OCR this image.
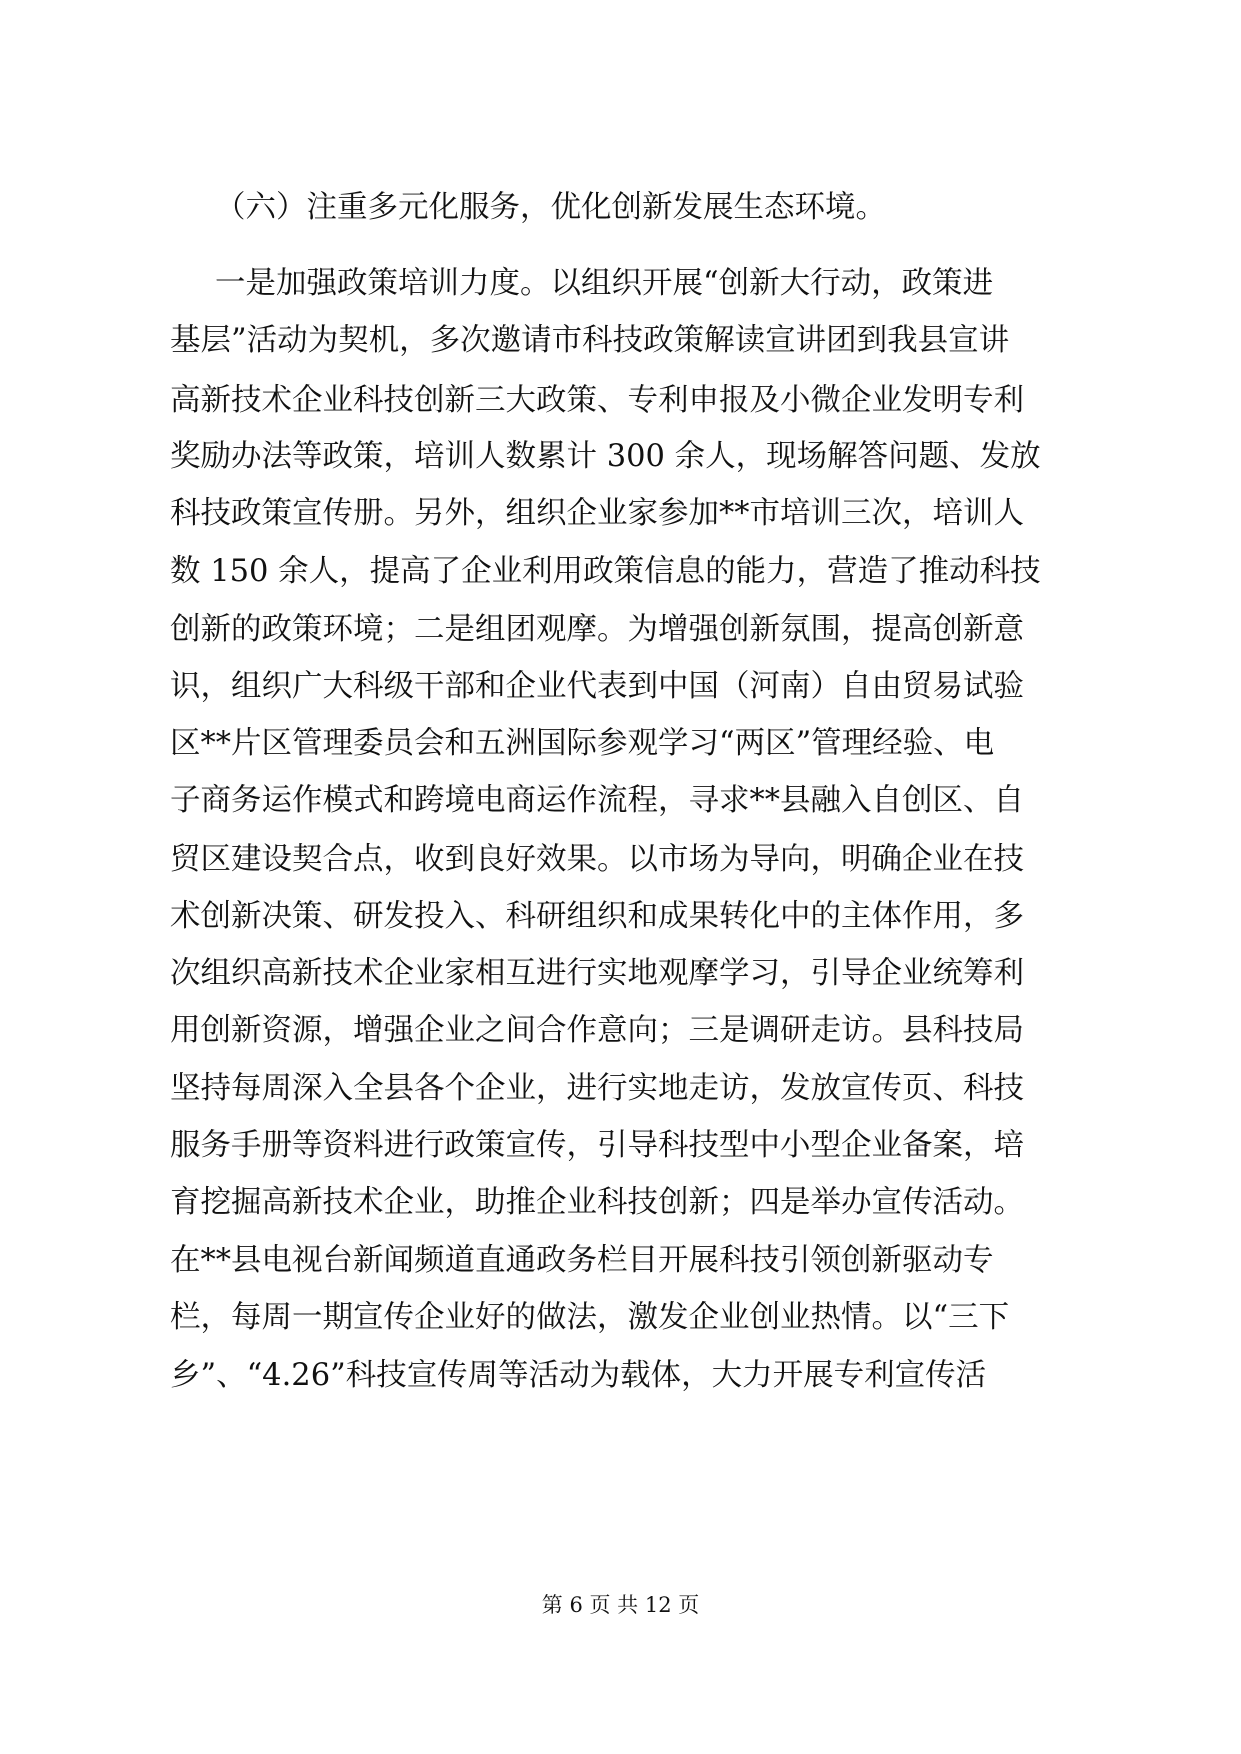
（六）注重多元化服务，优化创新发展生态环境。
一是加强政策培训力度。以组织开展“创新大行动，政策进
基层”活动为契机，多次邀请市科技政策解读宣讲团到我县宣讲
高新技术企业科技创新三大政策、专利申报及小微企业发明专利
奖励办法等政策，培训人数累计 300 余人，现场解答问题、发放
科技政策宣传册。另外，组织企业家参加**市培训三次，培训人
数 150 余人，提高了企业利用政策信息的能力，营造了推动科技
创新的政策环境；二是组团观摩。为增强创新氛围，提高创新意
识，组织广大科级干部和企业代表到中国（河南）自由贸易试验
区**片区管理委员会和五洲国际参观学习“两区”管理经验、电
子商务运作模式和跨境电商运作流程，寻求**县融入自创区、自
贸区建设契合点，收到良好效果。以市场为导向，明确企业在技
术创新决策、研发投入、科研组织和成果转化中的主体作用，多
次组织高新技术企业家相互进行实地观摩学习，引导企业统筹利
用创新资源，增强企业之间合作意向；三是调研走访。县科技局
坚持每周深入全县各个企业，进行实地走访，发放宣传页、科技
服务手册等资料进行政策宣传，引导科技型中小型企业备案，培
育挖掘高新技术企业，助推企业科技创新；四是举办宣传活动。
在**县电视台新闻频道直通政务栏目开展科技引领创新驱动专
栏，每周一期宣传企业好的做法，激发企业创业热情。以“三下
乡”、“4.26”科技宣传周等活动为载体，大力开展专利宣传活
第 6 页 共 12 页
